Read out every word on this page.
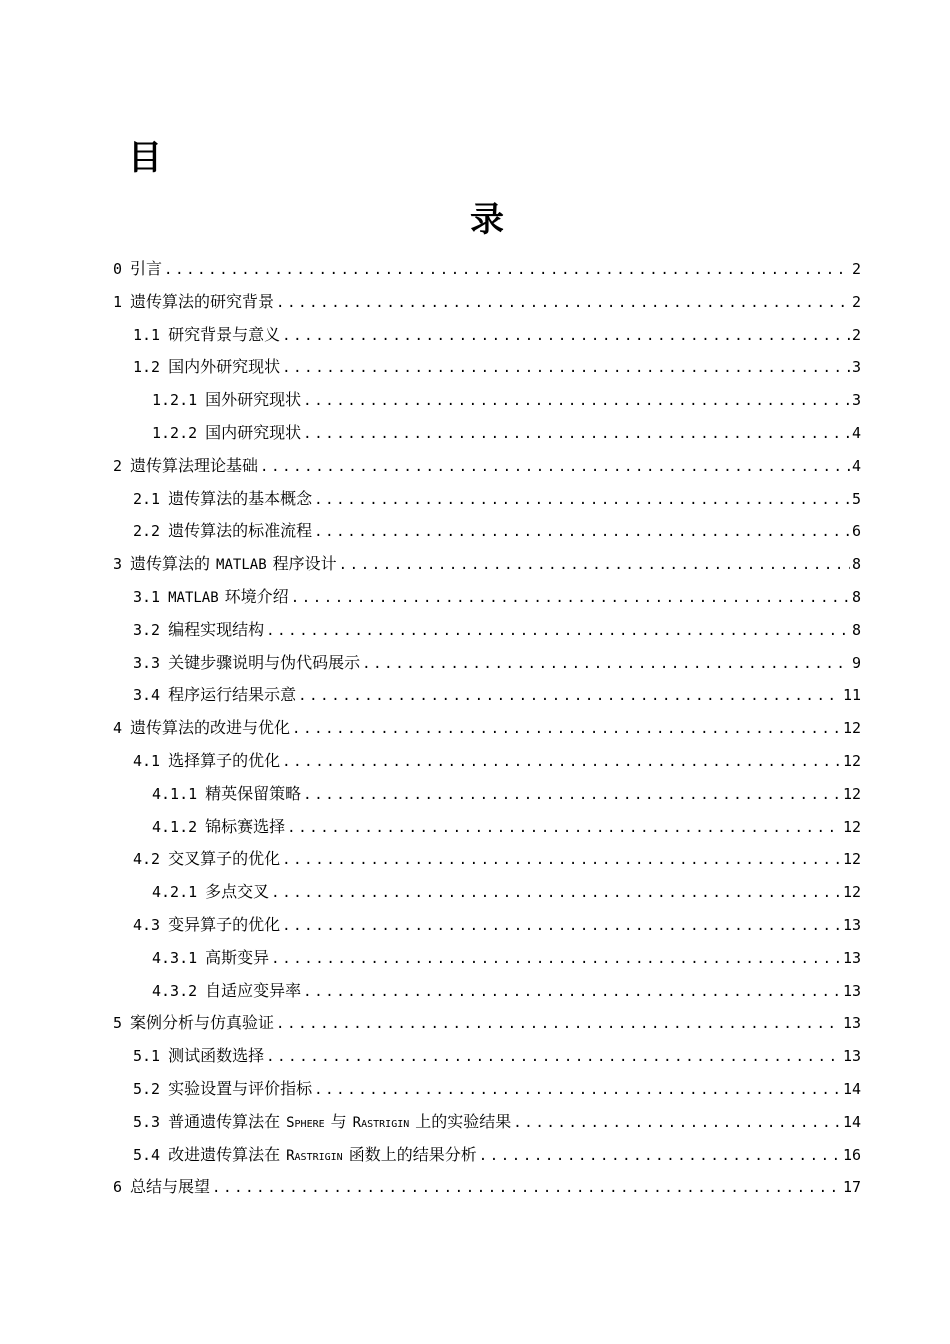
目
录
0 引言 .....	2
1 遗传算法的研究背景 .....	2
1.1 研究背景与意义 .....	2
1.2 国内外研究现状 .....	3
1.2.1 国外研究现状 .....	3
1.2.2 国内研究现状 .....	4
2 遗传算法理论基础 .....	4
2.1 遗传算法的基本概念 .....	5
2.2 遗传算法的标准流程 .....	6
3 遗传算法的 MATLAB 程序设计 .....	8
3.1 MATLAB 环境介绍 .....	8
3.2 编程实现结构 .....	8
3.3 关键步骤说明与伪代码展示 .....	9
3.4 程序运行结果示意 .....	11
4 遗传算法的改进与优化 .....	12
4.1 选择算子的优化 .....	12
4.1.1 精英保留策略 .....	12
4.1.2 锦标赛选择 .....	12
4.2 交叉算子的优化 .....	12
4.2.1 多点交叉 .....	12
4.3 变异算子的优化 .....	13
4.3.1 高斯变异 .....	13
4.3.2 自适应变异率 .....	13
5 案例分析与仿真验证 .....	13
5.1 测试函数选择 .....	13
5.2 实验设置与评价指标 .....	14
5.3 普通遗传算法在 Sphere 与 Rastrigin 上的实验结果 .....	14
5.4 改进遗传算法在 Rastrigin 函数上的结果分析 .....	16
6 总结与展望 .....	17
